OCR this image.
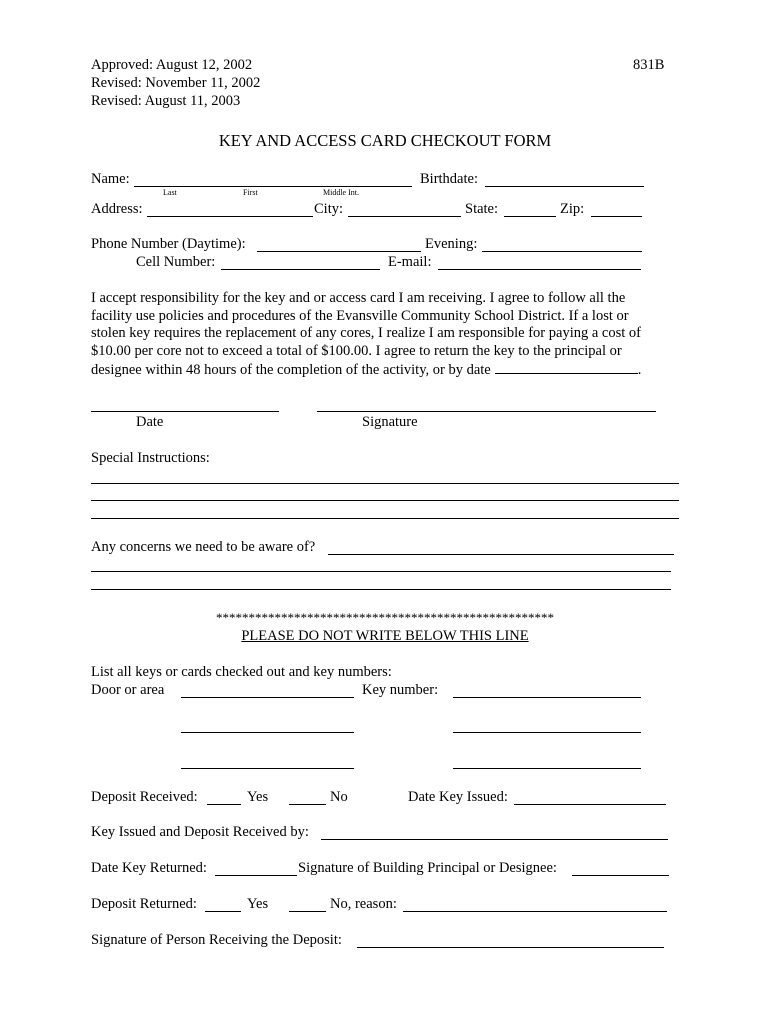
Approved: August 12, 2002
Revised: November 11, 2002
Revised: August 11, 2003
831B
KEY AND ACCESS CARD CHECKOUT FORM
Name:
Last	First	Middle Int.
Birthdate:
Address:	City:	State:	Zip:
Phone Number (Daytime):	Evening:
Cell Number:	E-mail:
I accept responsibility for the key and or access card I am receiving. I agree to follow all the
facility use policies and procedures of the Evansville Community School District. If a lost or
stolen key requires the replacement of any cores, I realize I am responsible for paying a cost of
$10.00 per core not to exceed a total of $100.00. I agree to return the key to the principal or
designee within 48 hours of the completion of the activity, or by date	.
Date	Signature
Special Instructions:
Any concerns we need to be aware of?
****************************************************
PLEASE DO NOT WRITE BELOW THIS LINE
List all keys or cards checked out and key numbers:
Door or area	Key number:
Deposit Received:	Yes	No	Date Key Issued:
Key Issued and Deposit Received by:
Date Key Returned:	Signature of Building Principal or Designee:
Deposit Returned:	Yes	No, reason:
Signature of Person Receiving the Deposit:
